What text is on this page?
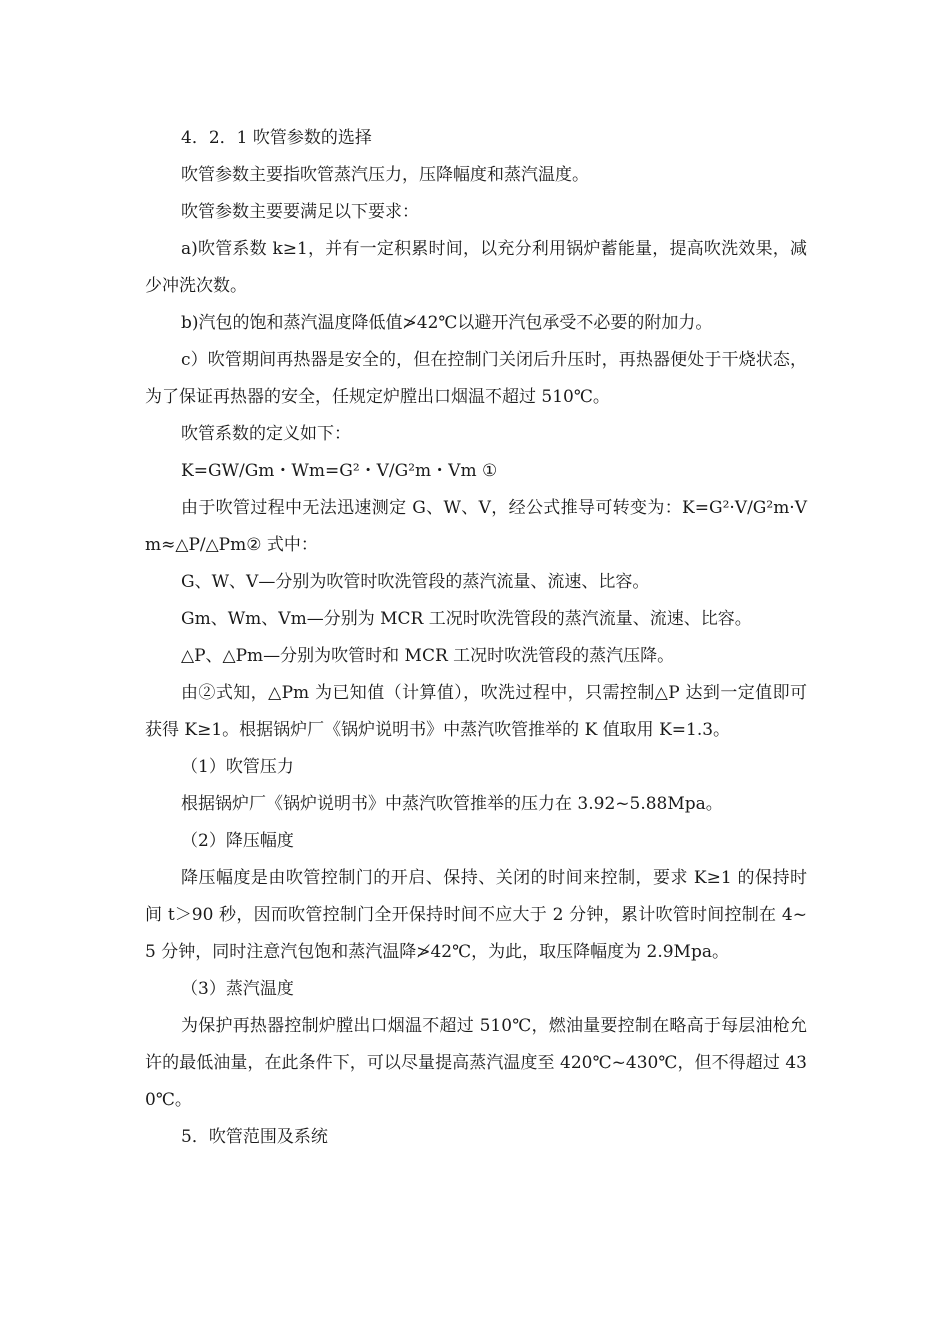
4．2．1 吹管参数的选择

吹管参数主要指吹管蒸汽压力，压降幅度和蒸汽温度。

吹管参数主要要满足以下要求：

a)吹管系数 k≥1，并有一定积累时间，以充分利用锅炉蓄能量，提高吹洗效果，减少冲洗次数。

b)汽包的饱和蒸汽温度降低值≯42℃以避开汽包承受不必要的附加力。

c）吹管期间再热器是安全的，但在控制门关闭后升压时，再热器便处于干烧状态，为了保证再热器的安全，任规定炉膛出口烟温不超过 510℃。

吹管系数的定义如下：

K=GW/Gm・Wm=G²・V/G²m・Vm ①

由于吹管过程中无法迅速测定 G、W、V，经公式推导可转变为：K=G²·V/G²m·Vm≈△P/△Pm② 式中：

G、W、V—分别为吹管时吹洗管段的蒸汽流量、流速、比容。

Gm、Wm、Vm—分别为 MCR 工况时吹洗管段的蒸汽流量、流速、比容。

△P、△Pm—分别为吹管时和 MCR 工况时吹洗管段的蒸汽压降。

由②式知，△Pm 为已知值（计算值），吹洗过程中，只需控制△P 达到一定值即可获得 K≥1。根据锅炉厂《锅炉说明书》中蒸汽吹管推举的 K 值取用 K=1.3。

（1）吹管压力

根据锅炉厂《锅炉说明书》中蒸汽吹管推举的压力在 3.92~5.88Mpa。

（2）降压幅度

降压幅度是由吹管控制门的开启、保持、关闭的时间来控制，要求 K≥1 的保持时间 t＞90 秒，因而吹管控制门全开保持时间不应大于 2 分钟，累计吹管时间控制在 4~5 分钟，同时注意汽包饱和蒸汽温降≯42℃，为此，取压降幅度为 2.9Mpa。

（3）蒸汽温度

为保护再热器控制炉膛出口烟温不超过 510℃，燃油量要控制在略高于每层油枪允许的最低油量，在此条件下，可以尽量提高蒸汽温度至 420℃~430℃，但不得超过 430℃。

5．吹管范围及系统
